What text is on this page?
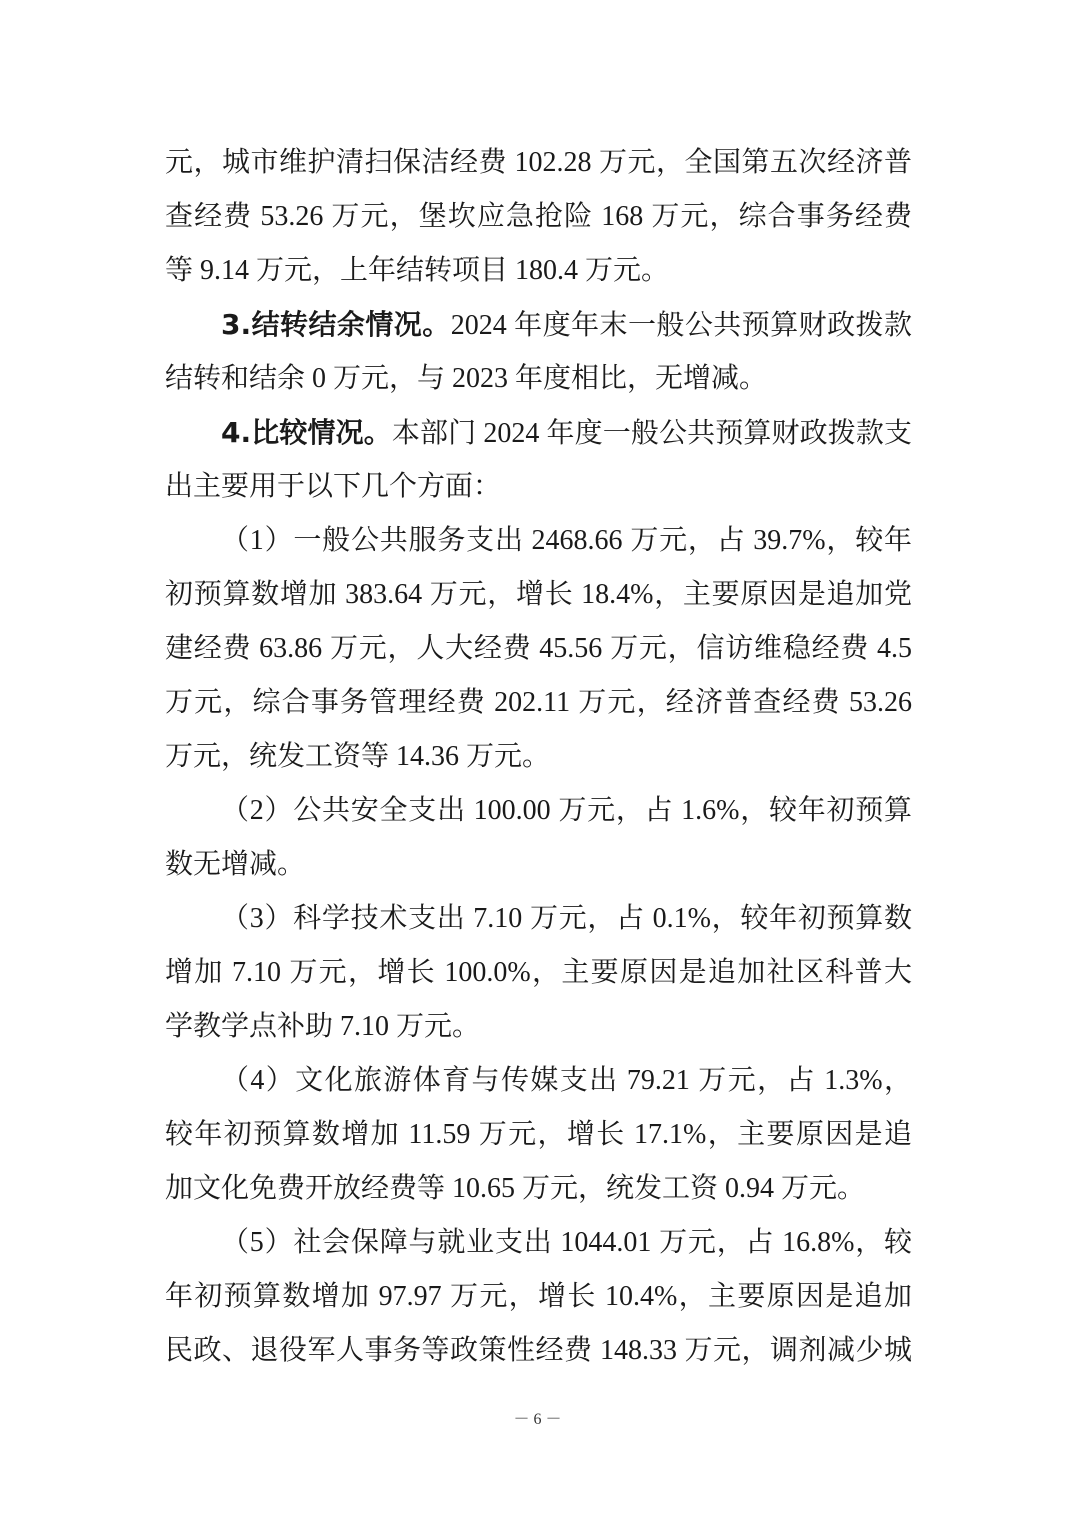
元，城市维护清扫保洁经费 102.28 万元，全国第五次经济普
查经费 53.26 万元，堡坎应急抢险 168 万元，综合事务经费
等 9.14 万元，上年结转项目 180.4 万元。
3.结转结余情况。2024 年度年末一般公共预算财政拨款
结转和结余 0 万元，与 2023 年度相比，无增减。
4.比较情况。本部门 2024 年度一般公共预算财政拨款支
出主要用于以下几个方面：
（1）一般公共服务支出 2468.66 万元，占 39.7%，较年
初预算数增加 383.64 万元，增长 18.4%，主要原因是追加党
建经费 63.86 万元，人大经费 45.56 万元，信访维稳经费 4.5
万元，综合事务管理经费 202.11 万元，经济普查经费 53.26
万元，统发工资等 14.36 万元。
（2）公共安全支出 100.00 万元，占 1.6%，较年初预算
数无增减。
（3）科学技术支出 7.10 万元，占 0.1%，较年初预算数
增加 7.10 万元，增长 100.0%，主要原因是追加社区科普大
学教学点补助 7.10 万元。
（4）文化旅游体育与传媒支出 79.21 万元，占 1.3%，
较年初预算数增加 11.59 万元，增长 17.1%，主要原因是追
加文化免费开放经费等 10.65 万元，统发工资 0.94 万元。
（5）社会保障与就业支出 1044.01 万元，占 16.8%，较
年初预算数增加 97.97 万元，增长 10.4%，主要原因是追加
民政、退役军人事务等政策性经费 148.33 万元，调剂减少城
－ 6 －
